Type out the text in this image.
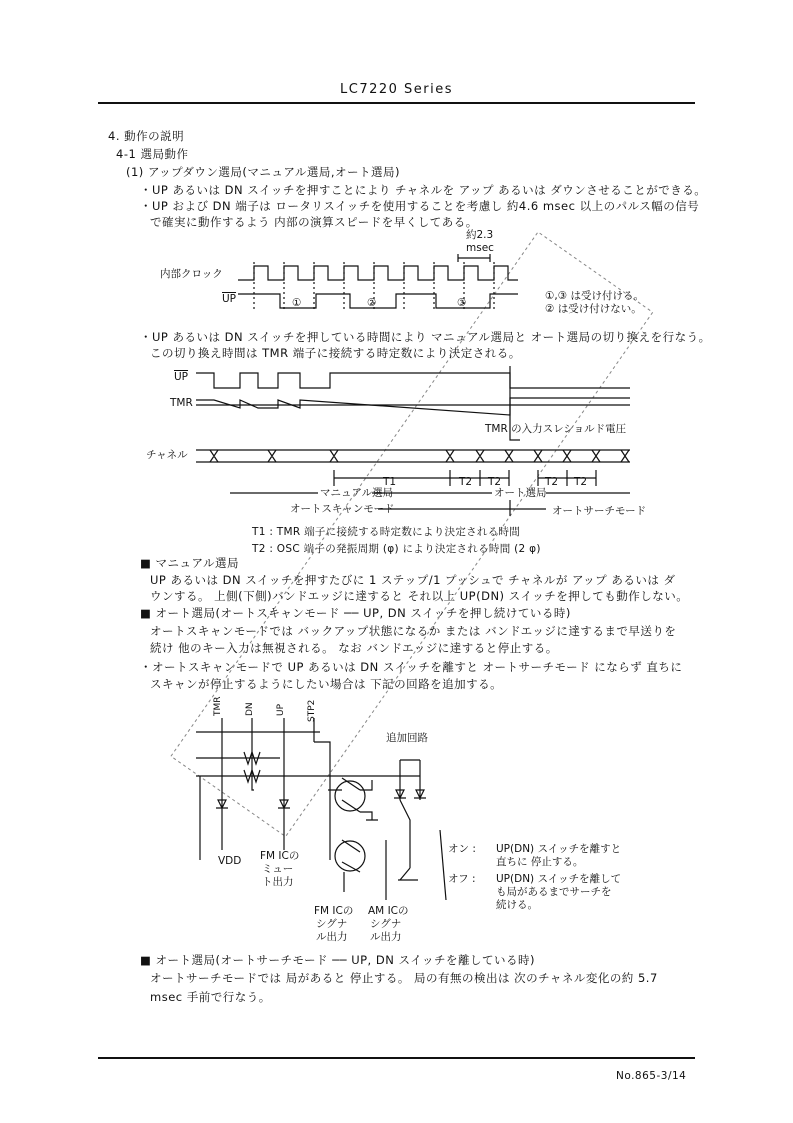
LC7220 Series
4. 動作の説明
4-1 選局動作
(1) アップダウン選局(マニュアル選局,オート選局)
・UP あるいは DN スイッチを押すことにより チャネルを アップ あるいは ダウンさせることができる。
・UP および DN 端子は ロータリスイッチを使用することを考慮し 約4.6 msec 以上のパルス幅の信号
で確実に動作するよう 内部の演算スピードを早くしてある。
約2.3
msec
内部クロック
$\overline{UP}$	①	②	③
①,③ は受け付ける。
② は受け付けない。
・UP あるいは DN スイッチを押している時間により マニュアル選局と オート選局の切り換えを行なう。
この切り換え時間は TMR 端子に接続する時定数により決定される。
$\overline{UP}$
TMR
TMR の入力スレショルド電圧
チャネル
T1	T2 T2	T2 T2
マニュアル選局	オート選局
オートスキャンモード	オートサーチモード
T1 : TMR 端子に接続する時定数により決定される時間
T2 : OSC 端子の発振周期 (φ) により決定される時間 (2 φ)
■ マニュアル選局
UP あるいは DN スイッチを押すたびに 1 ステップ/1 プッシュで チャネルが アップ あるいは ダ
ウンする。 上側(下側)バンドエッジに達すると それ以上 UP(DN) スイッチを押しても動作しない。
■ オート選局(オートスキャンモード ── UP, DN スイッチを押し続けている時)
オートスキャンモードでは バックアップ状態になるか または バンドエッジに達するまで早送りを
続け 他のキー入力は無視される。 なお バンドエッジに達すると停止する。
・オートスキャンモードで UP あるいは DN スイッチを離すと オートサーチモード にならず 直ちに
スキャンが停止するようにしたい場合は 下記の回路を追加する。
TMR DN UP STP2
追加回路
VDD FM ICの
ミュー
ト出力
FM ICの
シグナ
ル出力
AM ICの
シグナ
ル出力
オン : UP(DN) スイッチを離すと
直ちに 停止する。
オフ : UP(DN) スイッチを離して
も局があるまでサーチを
続ける。
■ オート選局(オートサーチモード ── UP, DN スイッチを離している時)
オートサーチモードでは 局があると 停止する。 局の有無の検出は 次のチャネル変化の約 5.7
msec 手前で行なう。
No.865-3/14
